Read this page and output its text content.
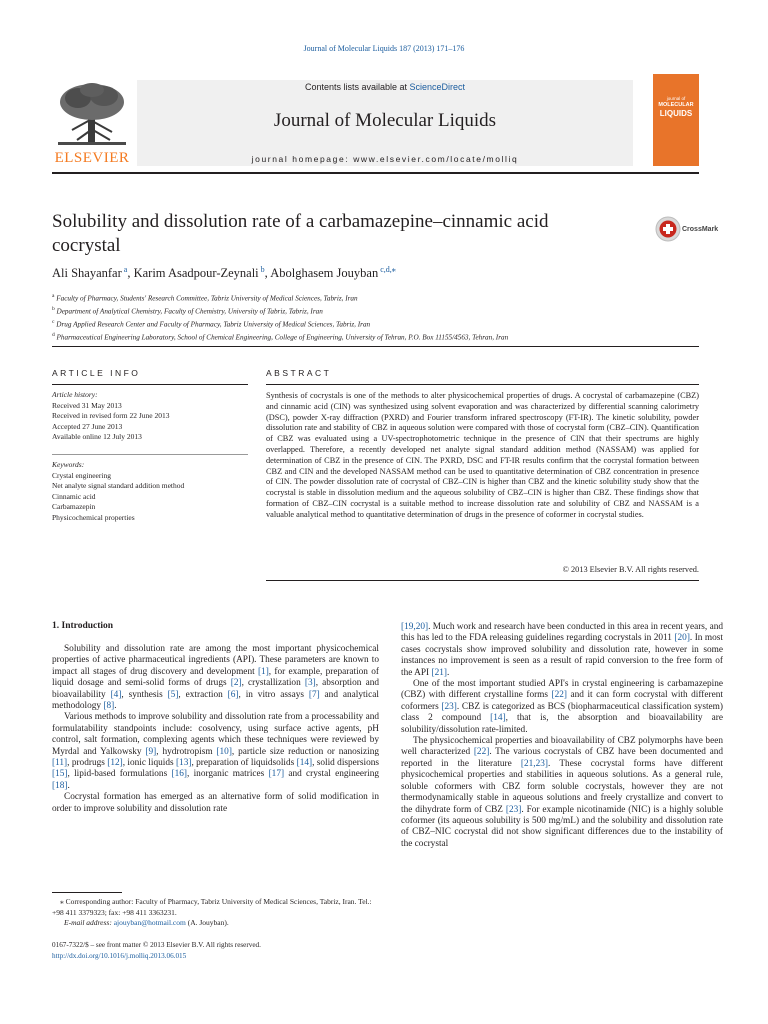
Journal of Molecular Liquids 187 (2013) 171–176
ELSEVIER
Contents lists available at ScienceDirect
Journal of Molecular Liquids
journal homepage: www.elsevier.com/locate/molliq
journal of
MOLECULAR
LIQUIDS
Solubility and dissolution rate of a carbamazepine–cinnamic acid cocrystal
CrossMark
Ali Shayanfar $^a$, Karim Asadpour-Zeynali $^b$, Abolghasem Jouyban $^{c,d,⁎}$
$^a$ Faculty of Pharmacy, Students' Research Committee, Tabriz University of Medical Sciences, Tabriz, Iran
$^b$ Department of Analytical Chemistry, Faculty of Chemistry, University of Tabriz, Tabriz, Iran
$^c$ Drug Applied Research Center and Faculty of Pharmacy, Tabriz University of Medical Sciences, Tabriz, Iran
$^d$ Pharmaceutical Engineering Laboratory, School of Chemical Engineering, College of Engineering, University of Tehran, P.O. Box 11155/4563, Tehran, Iran
ARTICLE INFO
Article history:
Received 31 May 2013
Received in revised form 22 June 2013
Accepted 27 June 2013
Available online 12 July 2013
Keywords:
Crystal engineering
Net analyte signal standard addition method
Cinnamic acid
Carbamazepin
Physicochemical properties
ABSTRACT
Synthesis of cocrystals is one of the methods to alter physicochemical properties of drugs. A cocrystal of carbamazepine (CBZ) and cinnamic acid (CIN) was synthesized using solvent evaporation and was characterized by differential scanning calorimetry (DSC), powder X-ray diffraction (PXRD) and Fourier transform infrared spectroscopy (FT-IR). The kinetic solubility, powder dissolution rate and stability of CBZ in aqueous solution were compared with those of cocrystal form (CBZ–CIN). Quantification of CBZ was evaluated using a UV-spectrophotometric technique in the presence of CIN that their spectrums are highly overlapped. Therefore, a recently developed net analyte signal standard addition method (NASSAM) was applied for determination of CBZ in the presence of CIN. The PXRD, DSC and FT-IR results confirm that the cocrystal formation between CBZ and CIN and the developed NASSAM method can be used to quantitative determination of CBZ concentration in presence of CIN. The powder dissolution rate of cocrystal of CBZ–CIN is higher than CBZ and the kinetic solubility study show that the cocrystal is stable in dissolution medium and the aqueous solubility of CBZ–CIN is higher than CBZ. These findings show that formation of CBZ–CIN cocrystal is a suitable method to increase dissolution rate and solubility of CBZ and NASSAM is a valuable analytical method to quantitative determination of drugs in the presence of coformer in cocrystal studies.
© 2013 Elsevier B.V. All rights reserved.
1. Introduction

Solubility and dissolution rate are among the most important physicochemical properties of active pharmaceutical ingredients (API). These parameters are known to impact all stages of drug discovery and development [1], for example, preparation of liquid dosage and semi-solid forms of drugs [2], crystallization [3], absorption and bioavailability [4], synthesis [5], extraction [6], in vitro assays [7] and analytical methodology [8].

Various methods to improve solubility and dissolution rate from a processability and formulatability standpoints include: cosolvency, using surface active agents, pH control, salt formation, complexing agents which these techniques were reviewed by Myrdal and Yalkowsky [9], hydrotropism [10], particle size reduction or nanosizing [11], prodrugs [12], ionic liquids [13], preparation of liquidsolids [14], solid dispersions [15], lipid-based formulations [16], inorganic matrices [17] and crystal engineering [18].

Cocrystal formation has emerged as an alternative form of solid modification in order to improve solubility and dissolution rate

[19,20]. Much work and research have been conducted in this area in recent years, and this has led to the FDA releasing guidelines regarding cocrystals in 2011 [20]. In most cases cocrystals show improved solubility and dissolution rate, however in some instances no improvement is seen as a result of rapid conversion to the free form of the API [21].

One of the most important studied API's in crystal engineering is carbamazepine (CBZ) with different crystalline forms [22] and it can form cocrystal with different coformers [23]. CBZ is categorized as BCS (biopharmaceutical classification system) class 2 compound [14], that is, the absorption and bioavailability are solubility/dissolution rate-limited.

The physicochemical properties and bioavailability of CBZ polymorphs have been well characterized [22]. The various cocrystals of CBZ have been documented and reported in the literature [21,23]. These cocrystal forms have different physicochemical properties and stabilities in aqueous solutions. As a general rule, soluble coformers with CBZ form soluble cocrystals, however they are not thermodynamically stable in aqueous solutions and freely crystallize and convert to the dihydrate form of CBZ [23]. For example nicotinamide (NIC) is a highly soluble coformer (its aqueous solubility is 500 mg/mL) and the solubility and dissolution rate of CBZ–NIC cocrystal did not show significant differences due to the instability of the cocrystal

⁎ Corresponding author: Faculty of Pharmacy, Tabriz University of Medical Sciences, Tabriz, Iran. Tel.: +98 411 3379323; fax: +98 411 3363231.
E-mail address: ajouyban@hotmail.com (A. Jouyban).
0167-7322/$ – see front matter © 2013 Elsevier B.V. All rights reserved.
http://dx.doi.org/10.1016/j.molliq.2013.06.015
